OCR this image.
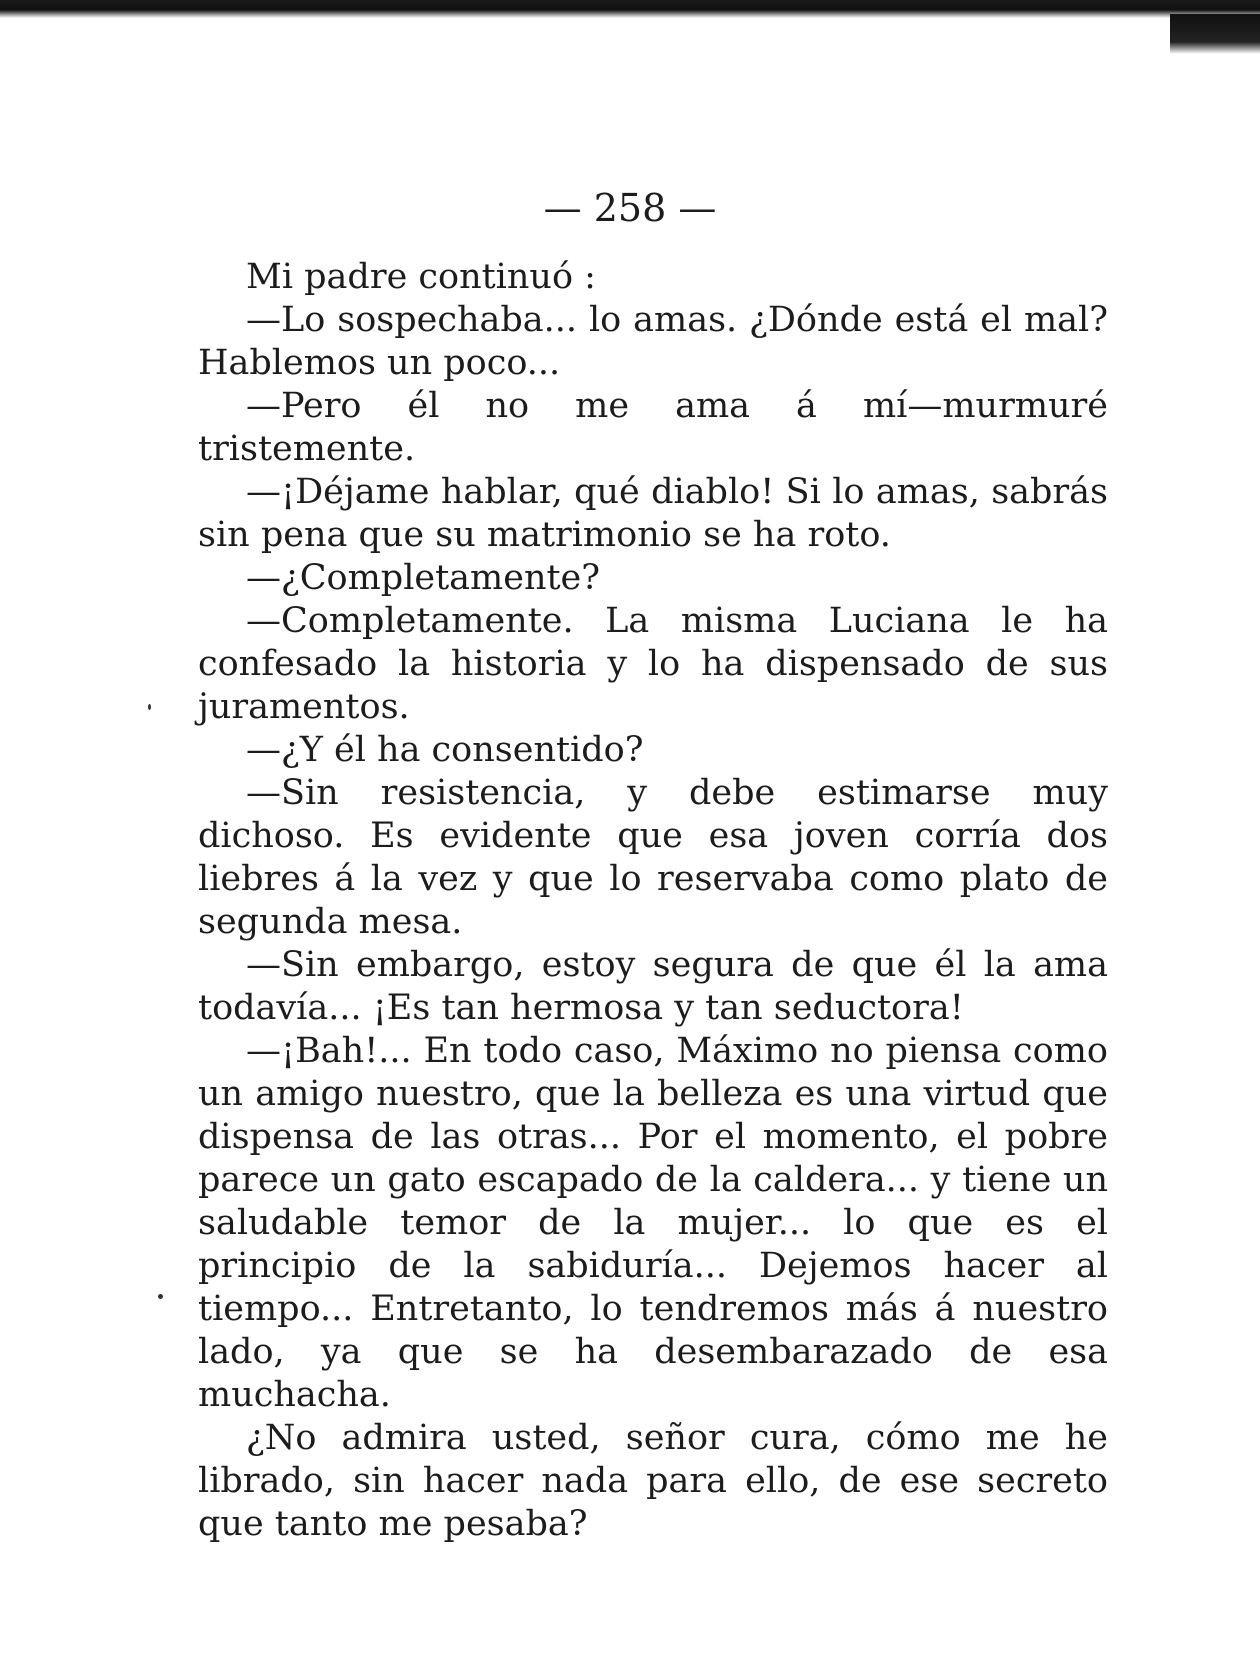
— 258 —

Mi padre continuó :

—Lo sospechaba... lo amas. ¿Dónde está el mal? Hablemos un poco...

—Pero él no me ama á mí—murmuré tristemente.

—¡Déjame hablar, qué diablo! Si lo amas, sabrás sin pena que su matrimonio se ha roto.

—¿Completamente?

—Completamente. La misma Luciana le ha confesado la historia y lo ha dispensado de sus juramentos.

—¿Y él ha consentido?

—Sin resistencia, y debe estimarse muy dichoso. Es evidente que esa joven corría dos liebres á la vez y que lo reservaba como plato de segunda mesa.

—Sin embargo, estoy segura de que él la ama todavía... ¡Es tan hermosa y tan seductora!

—¡Bah!... En todo caso, Máximo no piensa como un amigo nuestro, que la belleza es una virtud que dispensa de las otras... Por el momento, el pobre parece un gato escapado de la caldera... y tiene un saludable temor de la mujer... lo que es el principio de la sabiduría... Dejemos hacer al tiempo... Entretanto, lo tendremos más á nuestro lado, ya que se ha desembarazado de esa muchacha.

¿No admira usted, señor cura, cómo me he librado, sin hacer nada para ello, de ese secreto que tanto me pesaba?
